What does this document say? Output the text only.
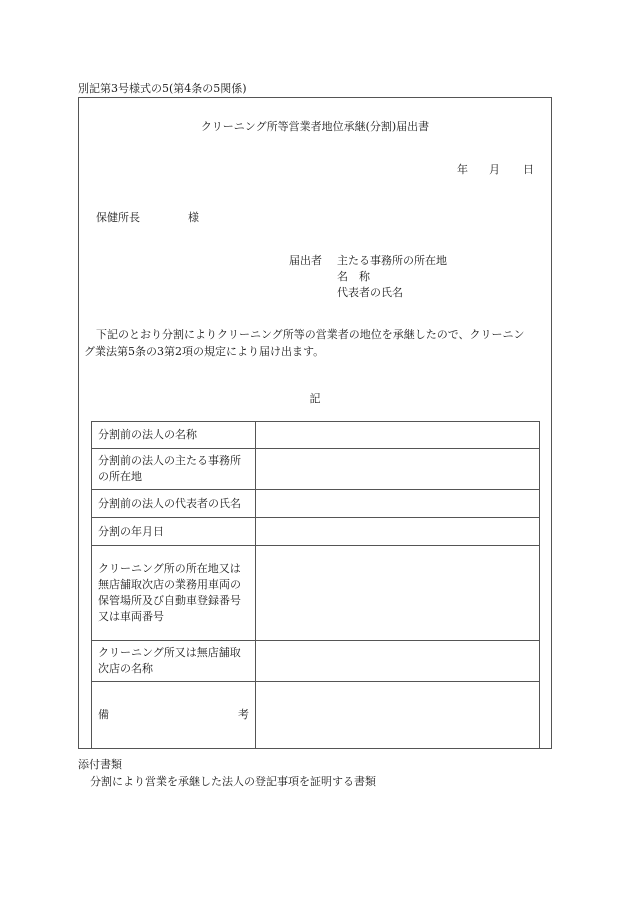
別記第3号様式の5(第4条の5関係)
クリーニング所等営業者地位承継(分割)届出書
年 月 日
保健所長	様
届出者 主たる事務所の所在地
名　称
代表者の氏名
下記のとおり分割によりクリーニング所等の営業者の地位を承継したので、クリーニン
グ業法第5条の3第2項の規定により届け出ます。
記
分割前の法人の名称	
分割前の法人の主たる事務所の所在地	
分割前の法人の代表者の氏名	
分割の年月日	
クリーニング所の所在地又は無店舗取次店の業務用車両の保管場所及び自動車登録番号又は車両番号	
クリーニング所又は無店舗取次店の名称	

備 考	

添付書類
分割により営業を承継した法人の登記事項を証明する書類
